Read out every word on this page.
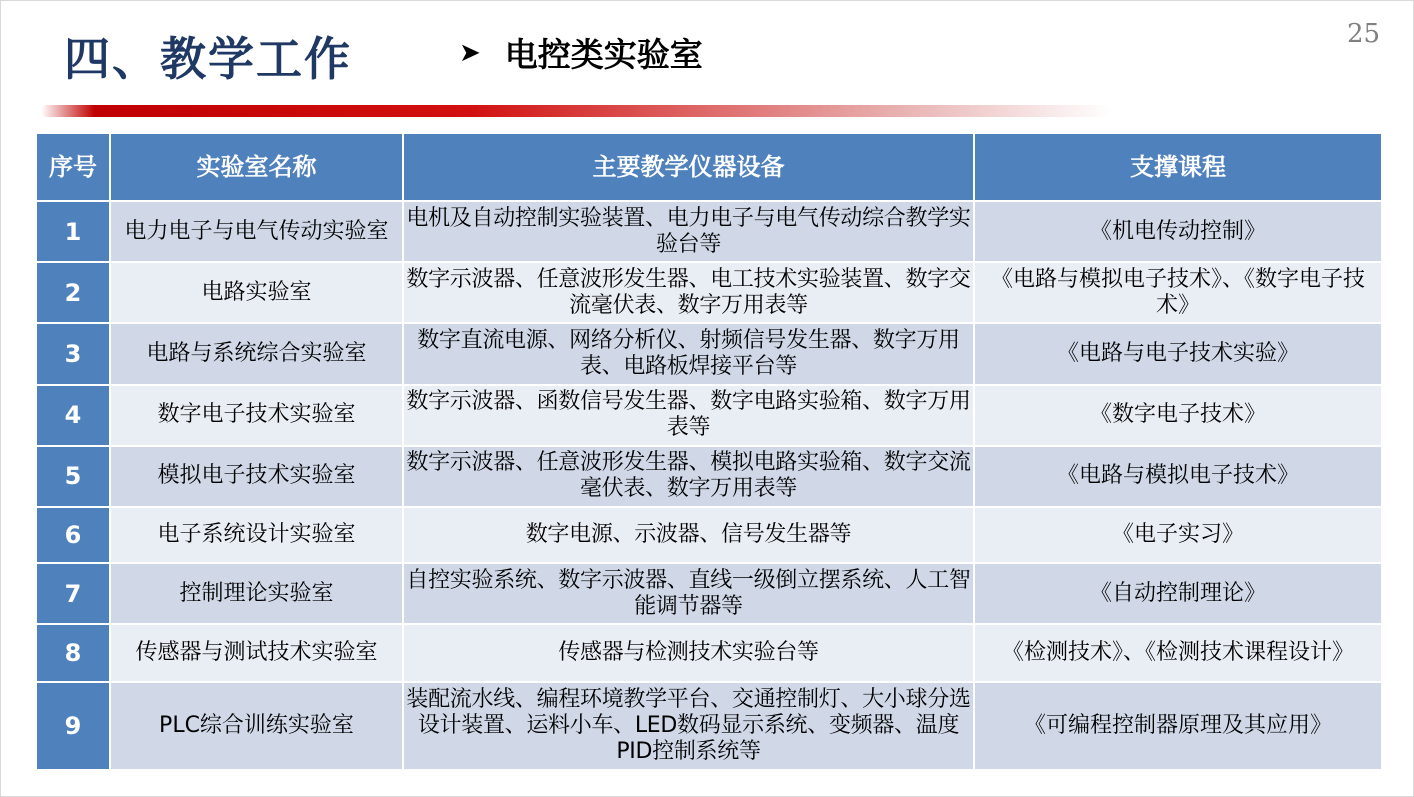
四、教学工作	➤ 电控类实验室
25
序号	实验室名称	主要教学仪器设备	支撑课程
1	电力电子与电气传动实验室	电机及自动控制实验装置、电力电子与电气传动综合教学实验台等	《机电传动控制》
2	电路实验室	数字示波器、任意波形发生器、电工技术实验装置、数字交流毫伏表、数字万用表等	《电路与模拟电子技术》、《数字电子技术》
3	电路与系统综合实验室	数字直流电源、网络分析仪、射频信号发生器、数字万用表、电路板焊接平台等	《电路与电子技术实验》
4	数字电子技术实验室	数字示波器、函数信号发生器、数字电路实验箱、数字万用表等	《数字电子技术》
5	模拟电子技术实验室	数字示波器、任意波形发生器、模拟电路实验箱、数字交流毫伏表、数字万用表等	《电路与模拟电子技术》
6	电子系统设计实验室	数字电源、示波器、信号发生器等	《电子实习》
7	控制理论实验室	自控实验系统、数字示波器、直线一级倒立摆系统、人工智能调节器等	《自动控制理论》
8	传感器与测试技术实验室	传感器与检测技术实验台等	《检测技术》、《检测技术课程设计》
9	PLC综合训练实验室	装配流水线、编程环境教学平台、交通控制灯、大小球分选设计装置、运料小车、LED数码显示系统、变频器、温度PID控制系统等	《可编程控制器原理及其应用》
